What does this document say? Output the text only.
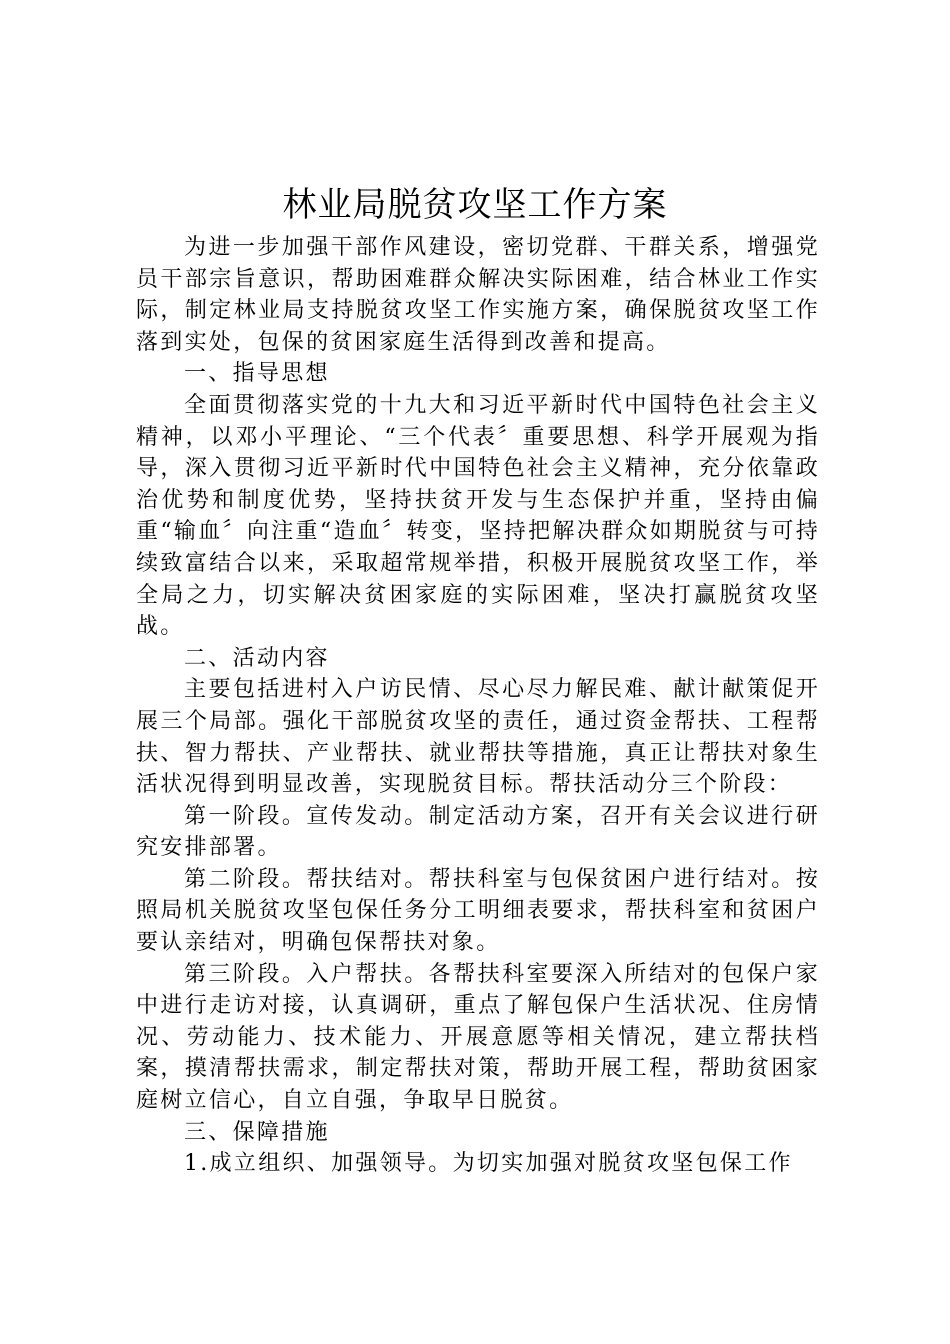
林业局脱贫攻坚工作方案

为进一步加强干部作风建设，密切党群、干群关系，增强党员干部宗旨意识，帮助困难群众解决实际困难，结合林业工作实际，制定林业局支持脱贫攻坚工作实施方案，确保脱贫攻坚工作落到实处，包保的贫困家庭生活得到改善和提高。

一、指导思想

全面贯彻落实党的十九大和习近平新时代中国特色社会主义精神，以邓小平理论、“三个代表〞重要思想、科学开展观为指导，深入贯彻习近平新时代中国特色社会主义精神，充分依靠政治优势和制度优势，坚持扶贫开发与生态保护并重，坚持由偏重“输血〞向注重“造血〞转变，坚持把解决群众如期脱贫与可持续致富结合以来，采取超常规举措，积极开展脱贫攻坚工作，举全局之力，切实解决贫困家庭的实际困难，坚决打赢脱贫攻坚战。

二、活动内容

主要包括进村入户访民情、尽心尽力解民难、献计献策促开展三个局部。强化干部脱贫攻坚的责任，通过资金帮扶、工程帮扶、智力帮扶、产业帮扶、就业帮扶等措施，真正让帮扶对象生活状况得到明显改善，实现脱贫目标。帮扶活动分三个阶段：

第一阶段。宣传发动。制定活动方案，召开有关会议进行研究安排部署。

第二阶段。帮扶结对。帮扶科室与包保贫困户进行结对。按照局机关脱贫攻坚包保任务分工明细表要求，帮扶科室和贫困户要认亲结对，明确包保帮扶对象。

第三阶段。入户帮扶。各帮扶科室要深入所结对的包保户家中进行走访对接，认真调研，重点了解包保户生活状况、住房情况、劳动能力、技术能力、开展意愿等相关情况，建立帮扶档案，摸清帮扶需求，制定帮扶对策，帮助开展工程，帮助贫困家庭树立信心，自立自强，争取早日脱贫。

三、保障措施

1.成立组织、加强领导。为切实加强对脱贫攻坚包保工作
